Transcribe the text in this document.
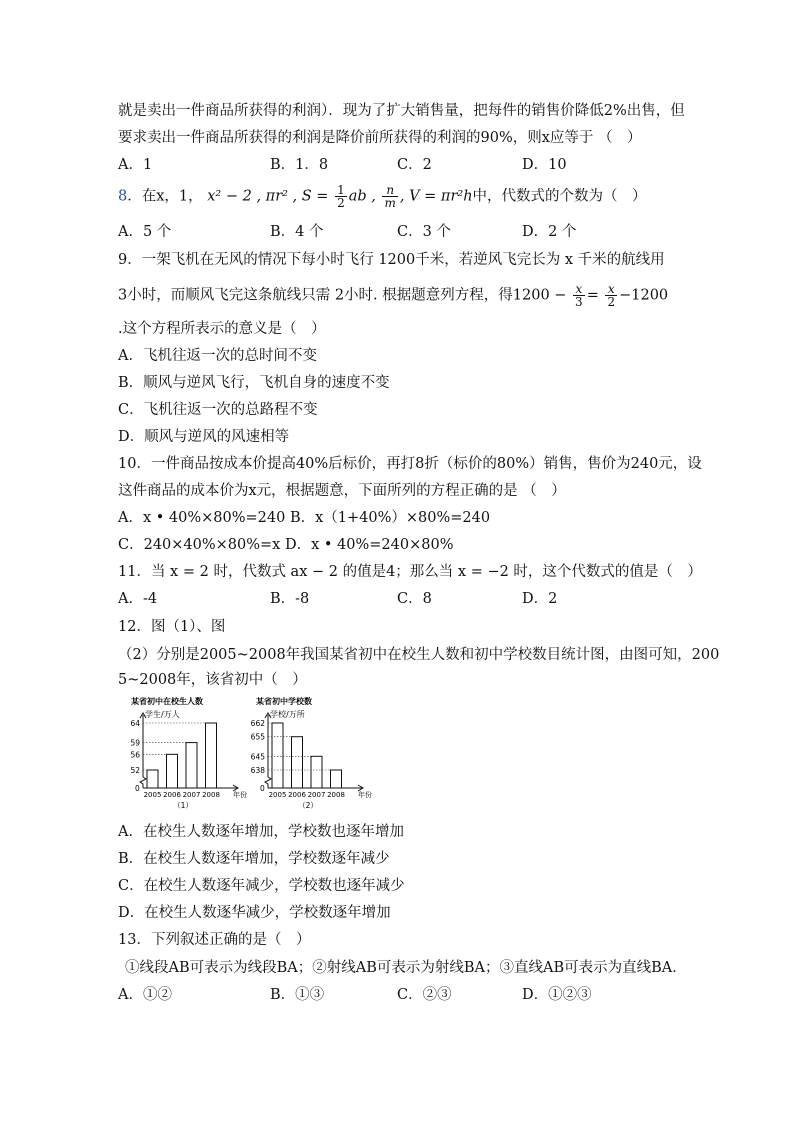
就是卖出一件商品所获得的利润）．现为了扩大销售量，把每件的销售价降低2%出售，但
要求卖出一件商品所获得的利润是降价前所获得的利润的90%，则x应等于 （　）
A．1	B．1．8	C．2	D．10
8．在x，1， x² − 2 , πr² , $S = \frac{1}{2}$ ab , $\frac{n}{m}$ , V = πr²h中，代数式的个数为（　）
A．5 个	B．4 个	C．3 个	D．2 个
9．一架飞机在无风的情况下每小时飞行 1200千米，若逆风飞完长为 x 千米的航线用
3小时，而顺风飞完这条航线只需 2小时. 根据题意列方程，得$1200 - \frac{x}{3} = \frac{x}{2} -1200$
.这个方程所表示的意义是（　）
A．飞机往返一次的总时间不变
B．顺风与逆风飞行，飞机自身的速度不变
C．飞机往返一次的总路程不变
D．顺风与逆风的风速相等
10．一件商品按成本价提高40%后标价，再打8折（标价的80%）销售，售价为240元，设
这件商品的成本价为x元，根据题意，下面所列的方程正确的是 （　）
A．x • 40%×80%=240 B．x（1+40%）×80%=240
C．240×40%×80%=x D．x • 40%=240×80%
11．当 x = 2 时，代数式 ax − 2 的值是4；那么当 x = −2 时，这个代数式的值是（　）
A．-4	B．-8	C．8	D．2
12．图（1）、图
（2）分别是2005~2008年我国某省初中在校生人数和初中学校数目统计图，由图可知，200
5~2008年，该省初中（　）
某省初中在校生人数
学生/万人
0
52
56
59
64
2005 2006 2007 2008 年份
（1）
某省初中学校数
学校/万所
0
638
645
655
662
2005 2006 2007 2008 年份
（2）
A．在校生人数逐年增加，学校数也逐年增加
B．在校生人数逐年增加，学校数逐年减少
C．在校生人数逐年减少，学校数也逐年减少
D．在校生人数逐华减少，学校数逐年增加
13．下列叙述正确的是（　）
①线段AB可表示为线段BA；②射线AB可表示为射线BA；③直线AB可表示为直线BA．
A．①②	B．①③	C．②③	D．①②③
